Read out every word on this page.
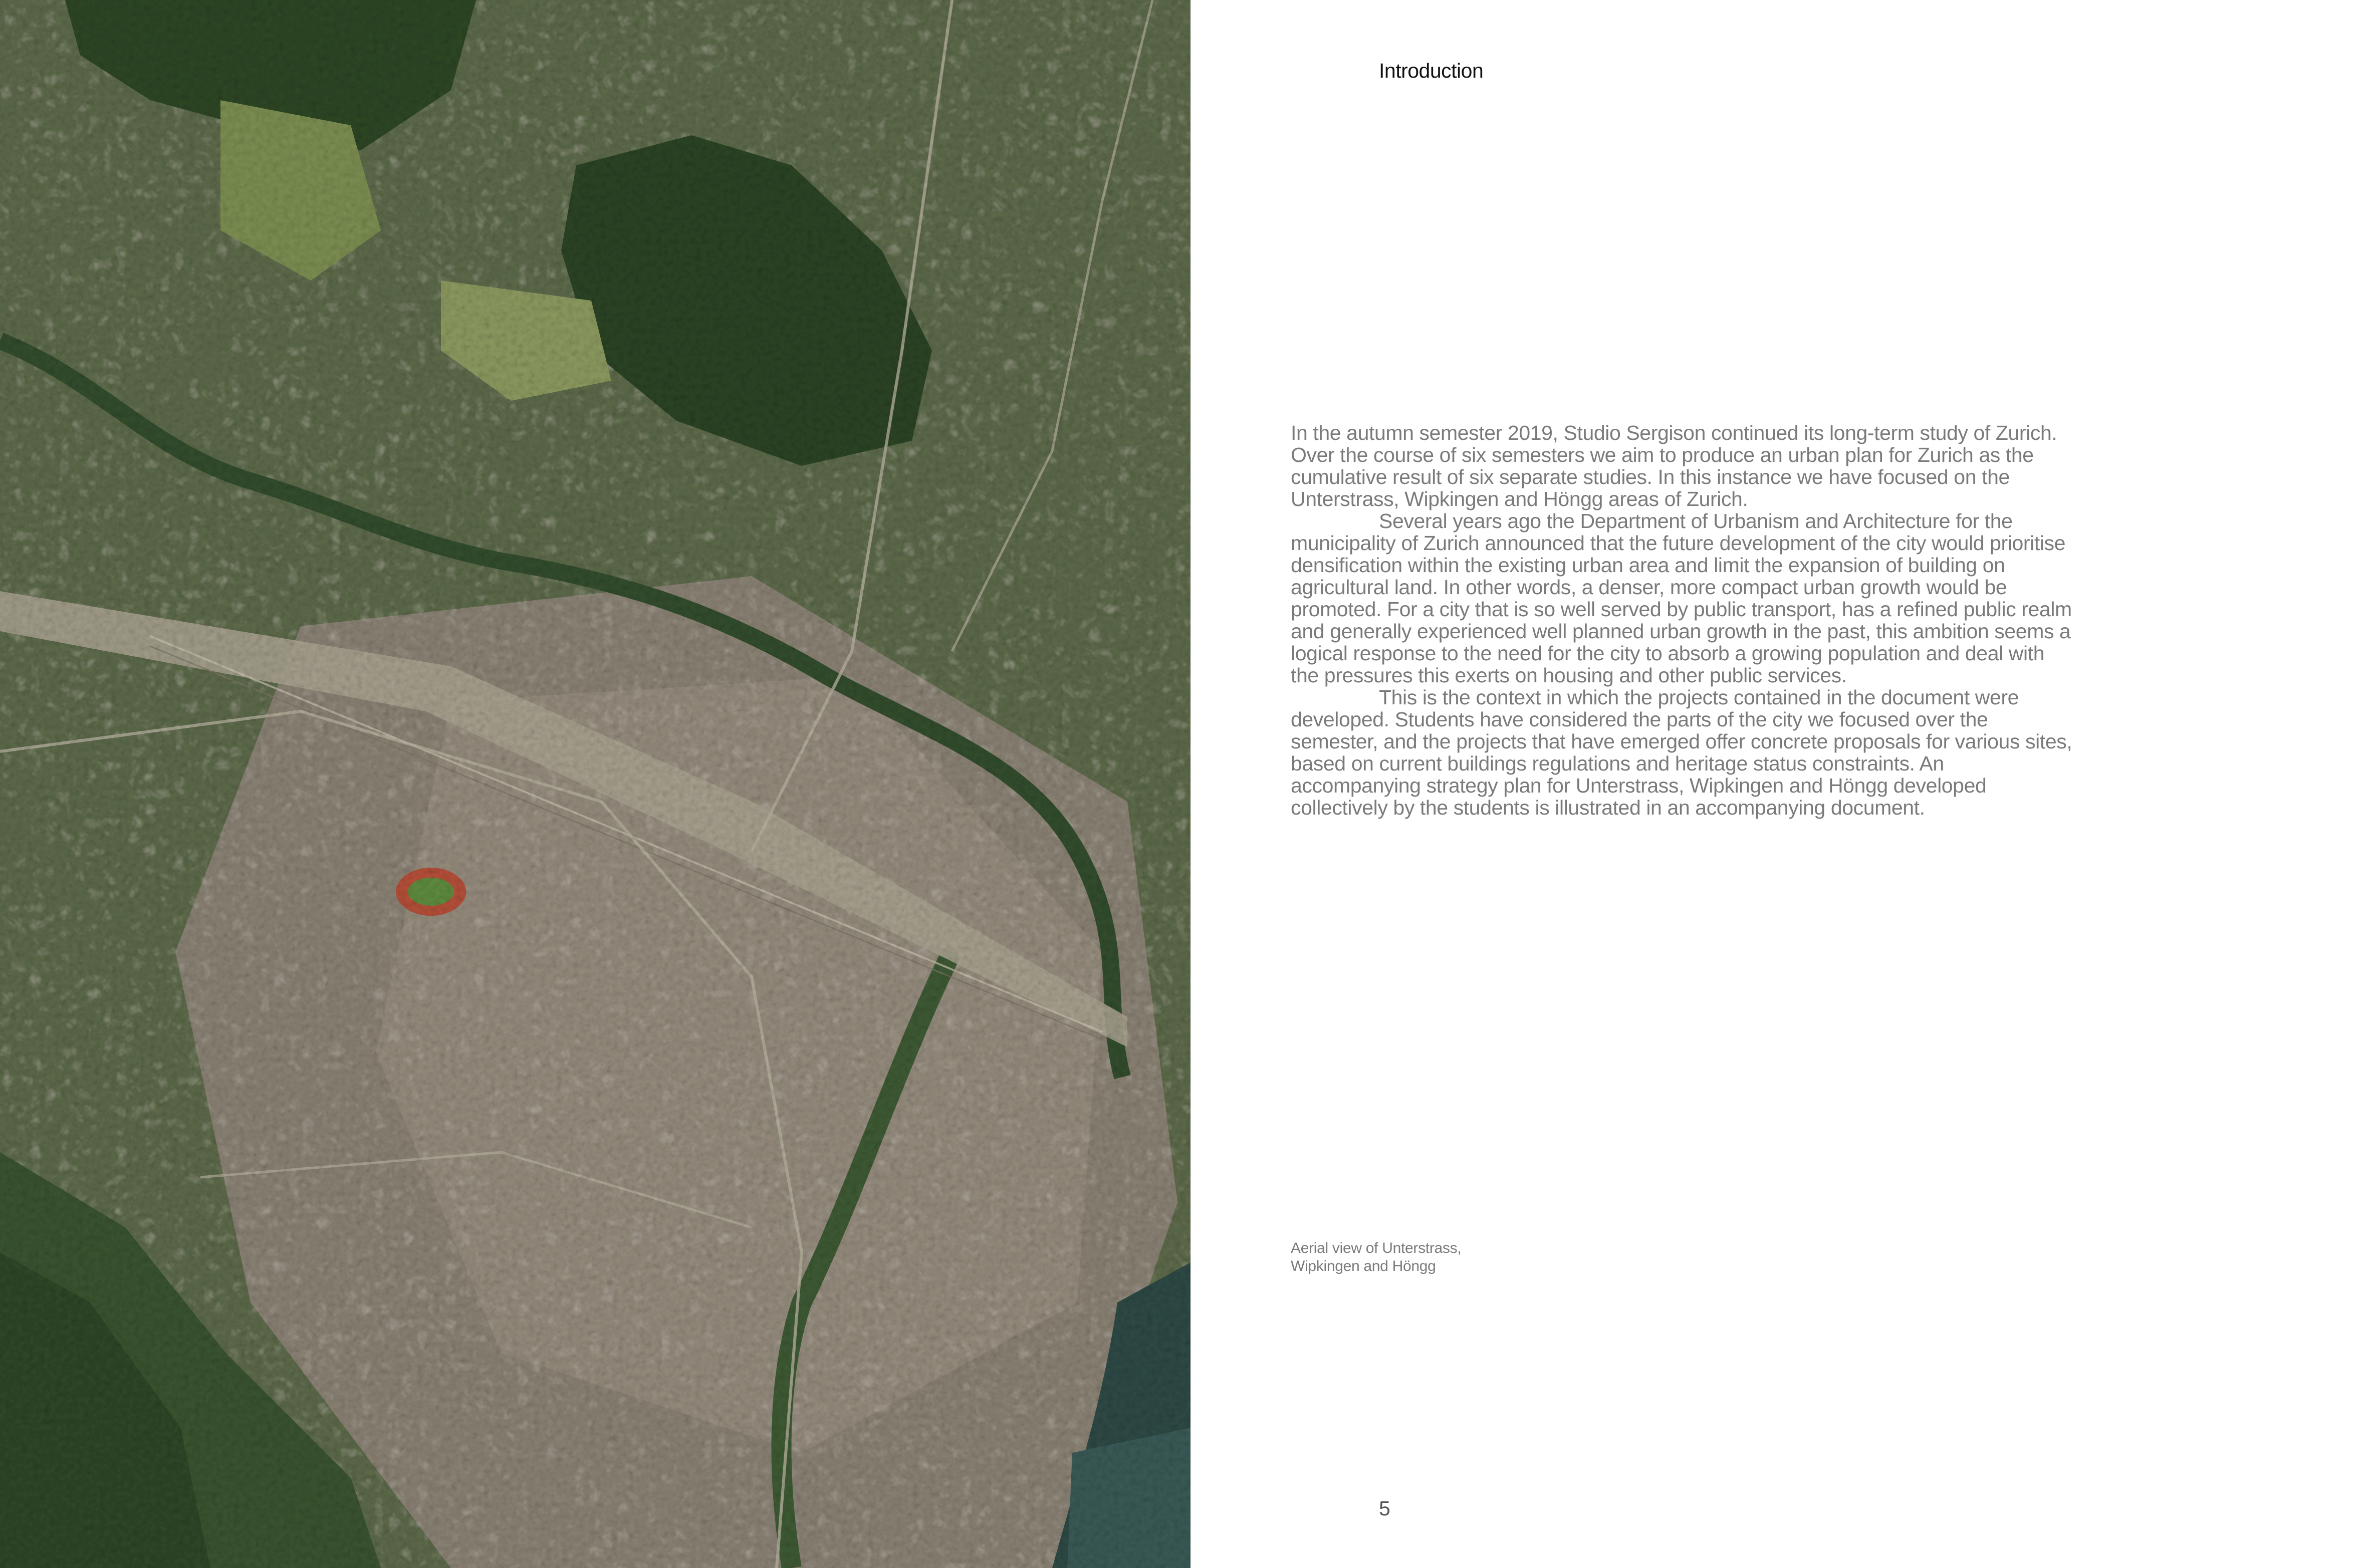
Introduction

In the autumn semester 2019, Studio Sergison continued its long-term study of Zurich. Over the course of six semesters we aim to produce an urban plan for Zurich as the cumulative result of six separate studies. In this instance we have focused on the Unterstrass, Wipkingen and Höngg areas of Zurich.

Several years ago the Department of Urbanism and Architecture for the municipality of Zurich announced that the future development of the city would prioritise densification within the existing urban area and limit the expansion of building on agricultural land. In other words, a denser, more compact urban growth would be promoted. For a city that is so well served by public transport, has a refined public realm and generally experienced well planned urban growth in the past, this ambition seems a logical response to the need for the city to absorb a growing population and deal with the pressures this exerts on housing and other public services.

This is the context in which the projects contained in the document were developed. Students have considered the parts of the city we focused over the semester, and the projects that have emerged offer concrete proposals for various sites, based on current buildings regulations and heritage status constraints. An accompanying strategy plan for Unterstrass, Wipkingen and Höngg developed collectively by the students is illustrated in an accompanying document.

Aerial view of Unterstrass,
Wipkingen and Höngg
5
